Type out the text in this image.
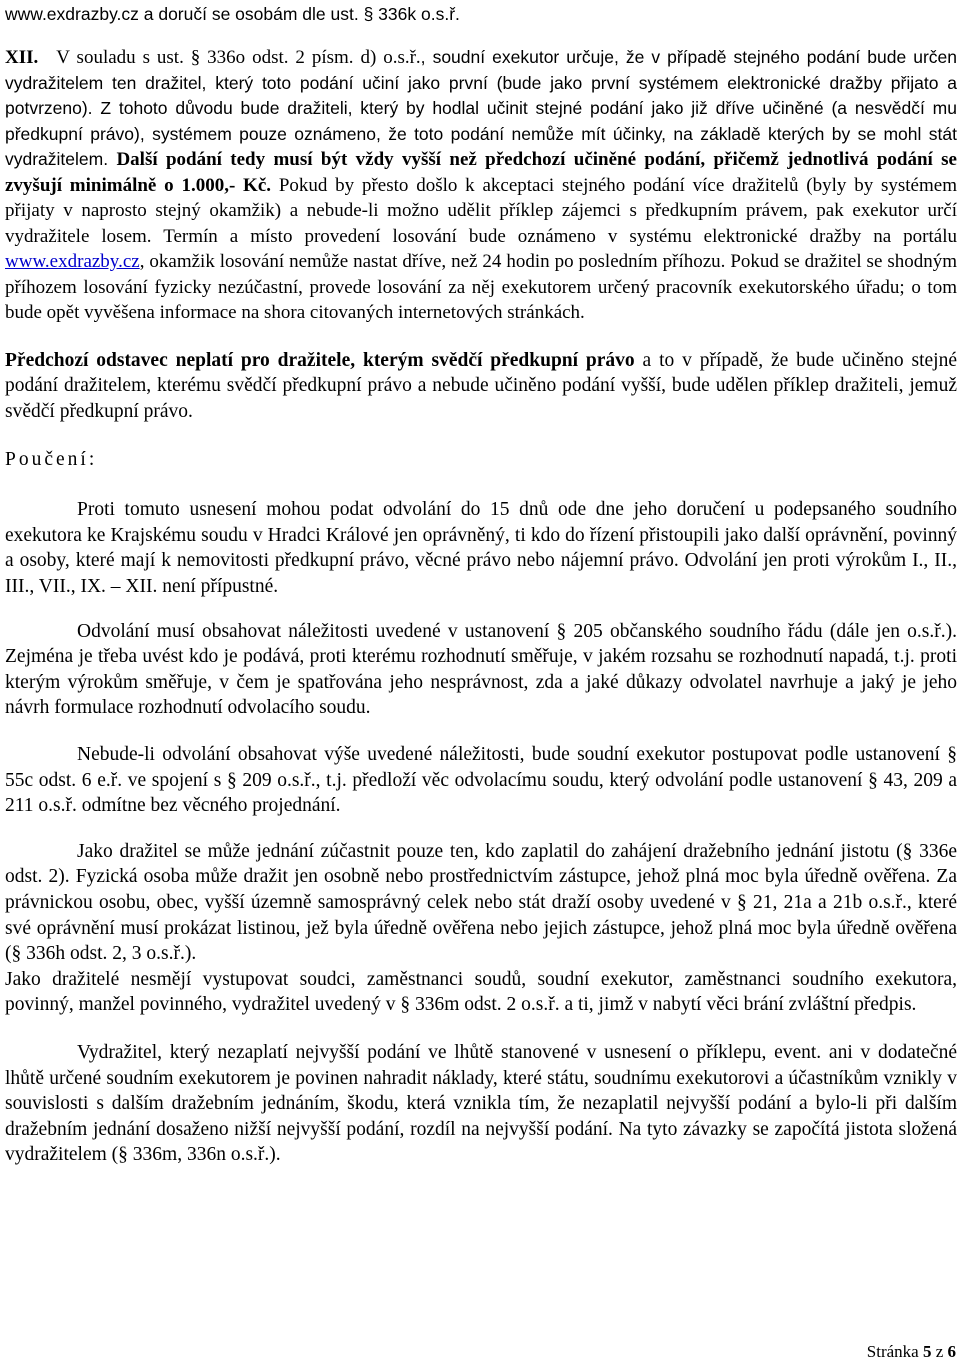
www.exdrazby.cz a doručí se osobám dle ust. § 336k o.s.ř.

XII. V souladu s ust. § 336o odst. 2 písm. d) o.s.ř., soudní exekutor určuje, že v případě stejného podání bude určen vydražitelem ten dražitel, který toto podání učiní jako první (bude jako první systémem elektronické dražby přijato a potvrzeno). Z tohoto důvodu bude dražiteli, který by hodlal učinit stejné podání jako již dříve učiněné (a nesvědčí mu předkupní právo), systémem pouze oznámeno, že toto podání nemůže mít účinky, na základě kterých by se mohl stát vydražitelem. Další podání tedy musí být vždy vyšší než předchozí učiněné podání, přičemž jednotlivá podání se zvyšují minimálně o 1.000,- Kč. Pokud by přesto došlo k akceptaci stejného podání více dražitelů (byly by systémem přijaty v naprosto stejný okamžik) a nebude-li možno udělit příklep zájemci s předkupním právem, pak exekutor určí vydražitele losem. Termín a místo provedení losování bude oznámeno v systému elektronické dražby na portálu www.exdrazby.cz, okamžik losování nemůže nastat dříve, než 24 hodin po posledním příhozu. Pokud se dražitel se shodným příhozem losování fyzicky nezúčastní, provede losování za něj exekutorem určený pracovník exekutorského úřadu; o tom bude opět vyvěšena informace na shora citovaných internetových stránkách.

Předchozí odstavec neplatí pro dražitele, kterým svědčí předkupní právo a to v případě, že bude učiněno stejné podání dražitelem, kterému svědčí předkupní právo a nebude učiněno podání vyšší, bude udělen příklep dražiteli, jemuž svědčí předkupní právo.

Poučení:

Proti tomuto usnesení mohou podat odvolání do 15 dnů ode dne jeho doručení u podepsaného soudního exekutora ke Krajskému soudu v Hradci Králové jen oprávněný, ti kdo do řízení přistoupili jako další oprávnění, povinný a osoby, které mají k nemovitosti předkupní právo, věcné právo nebo nájemní právo. Odvolání jen proti výrokům I., II., III., VII., IX. – XII. není přípustné.

Odvolání musí obsahovat náležitosti uvedené v ustanovení § 205 občanského soudního řádu (dále jen o.s.ř.). Zejména je třeba uvést kdo je podává, proti kterému rozhodnutí směřuje, v jakém rozsahu se rozhodnutí napadá, t.j. proti kterým výrokům směřuje, v čem je spatřována jeho nesprávnost, zda a jaké důkazy odvolatel navrhuje a jaký je jeho návrh formulace rozhodnutí odvolacího soudu.

Nebude-li odvolání obsahovat výše uvedené náležitosti, bude soudní exekutor postupovat podle ustanovení § 55c odst. 6 e.ř. ve spojení s § 209 o.s.ř., t.j. předloží věc odvolacímu soudu, který odvolání podle ustanovení § 43, 209 a 211 o.s.ř. odmítne bez věcného projednání.

Jako dražitel se může jednání zúčastnit pouze ten, kdo zaplatil do zahájení dražebního jednání jistotu (§ 336e odst. 2). Fyzická osoba může dražit jen osobně nebo prostřednictvím zástupce, jehož plná moc byla úředně ověřena. Za právnickou osobu, obec, vyšší územně samosprávný celek nebo stát draží osoby uvedené v § 21, 21a a 21b o.s.ř., které své oprávnění musí prokázat listinou, jež byla úředně ověřena nebo jejich zástupce, jehož plná moc byla úředně ověřena (§ 336h odst. 2, 3 o.s.ř.).

Jako dražitelé nesmějí vystupovat soudci, zaměstnanci soudů, soudní exekutor, zaměstnanci soudního exekutora, povinný, manžel povinného, vydražitel uvedený v § 336m odst. 2 o.s.ř. a ti, jimž v nabytí věci brání zvláštní předpis.

Vydražitel, který nezaplatí nejvyšší podání ve lhůtě stanovené v usnesení o příklepu, event. ani v dodatečné lhůtě určené soudním exekutorem je povinen nahradit náklady, které státu, soudnímu exekutorovi a účastníkům vznikly v souvislosti s dalším dražebním jednáním, škodu, která vznikla tím, že nezaplatil nejvyšší podání a bylo-li při dalším dražebním jednání dosaženo nižší nejvyšší podání, rozdíl na nejvyšší podání. Na tyto závazky se započítá jistota složená vydražitelem (§ 336m, 336n o.s.ř.).

Stránka 5 z 6
